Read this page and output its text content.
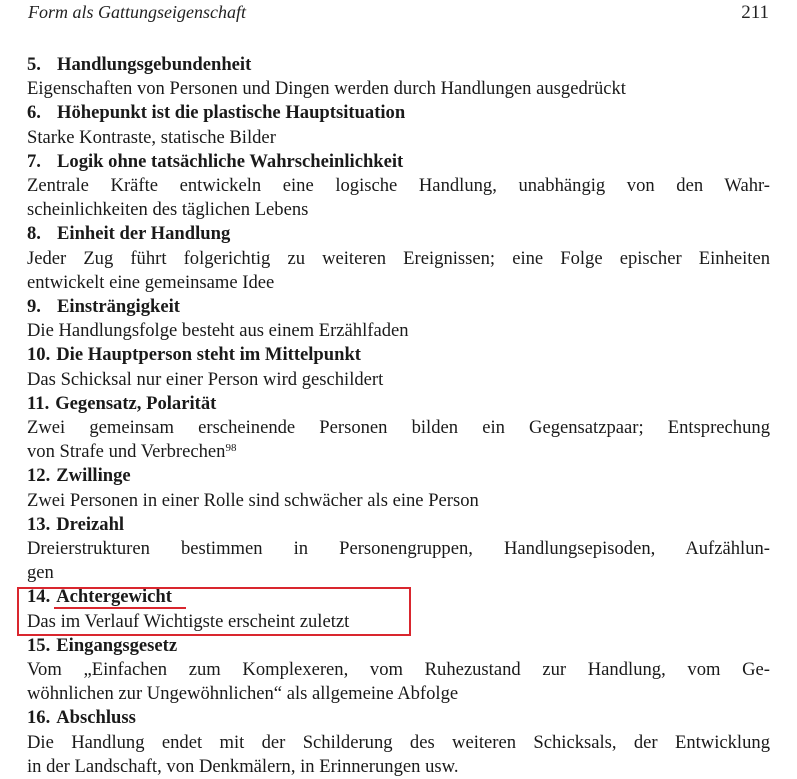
Form als Gattungseigenschaft	211
5. Handlungsgebundenheit
Eigenschaften von Personen und Dingen werden durch Handlungen ausgedrückt
6. Höhepunkt ist die plastische Hauptsituation
Starke Kontraste, statische Bilder
7. Logik ohne tatsächliche Wahrscheinlichkeit
Zentrale Kräfte entwickeln eine logische Handlung, unabhängig von den Wahr-
scheinlichkeiten des täglichen Lebens
8. Einheit der Handlung
Jeder Zug führt folgerichtig zu weiteren Ereignissen; eine Folge epischer Einheiten
entwickelt eine gemeinsame Idee
9. Einsträngigkeit
Die Handlungsfolge besteht aus einem Erzählfaden
10. Die Hauptperson steht im Mittelpunkt
Das Schicksal nur einer Person wird geschildert
11. Gegensatz, Polarität
Zwei gemeinsam erscheinende Personen bilden ein Gegensatzpaar; Entsprechung
von Strafe und Verbrechen$^{98}$
12. Zwillinge
Zwei Personen in einer Rolle sind schwächer als eine Person
13. Dreizahl
Dreierstrukturen bestimmen in Personengruppen, Handlungsepisoden, Aufzählun-
gen
14. Achtergewicht
Das im Verlauf Wichtigste erscheint zuletzt
15. Eingangsgesetz
Vom „Einfachen zum Komplexeren, vom Ruhezustand zur Handlung, vom Ge-
wöhnlichen zur Ungewöhnlichen“ als allgemeine Abfolge
16. Abschluss
Die Handlung endet mit der Schilderung des weiteren Schicksals, der Entwicklung
in der Landschaft, von Denkmälern, in Erinnerungen usw.
